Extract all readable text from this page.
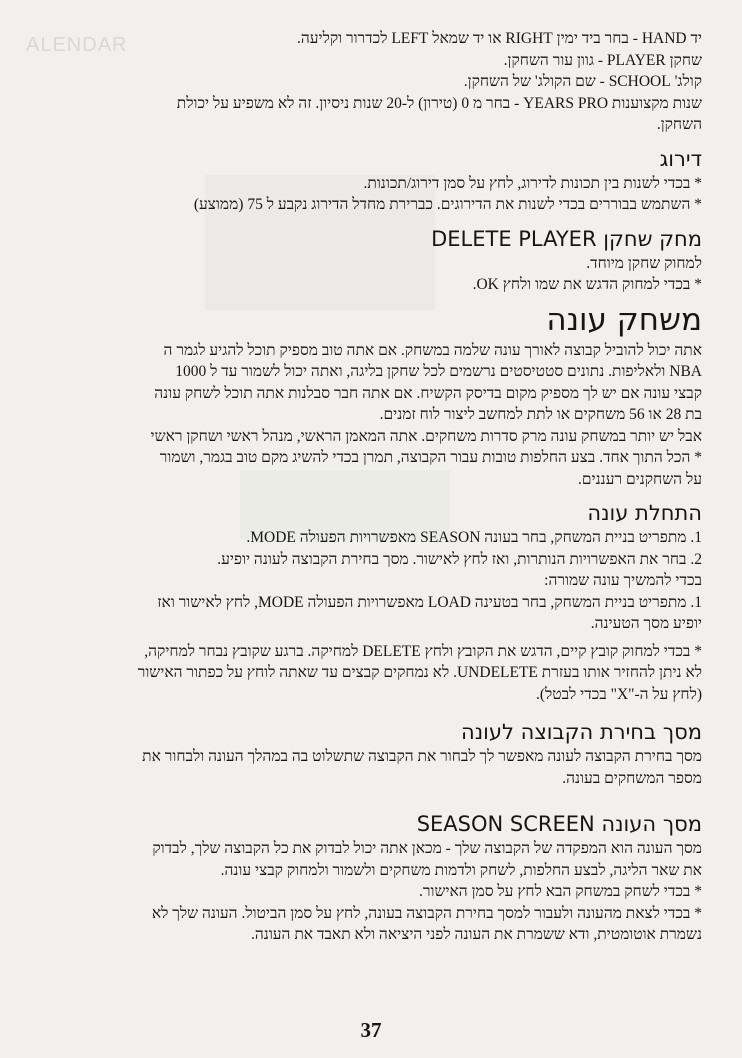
ALENDAR	יד HAND - בחר ביד ימין RIGHT או יד שמאל LEFT לכדרור וקליעה.

שחקן PLAYER - גוון עור השחקן.

קולג' SCHOOL - שם הקולג' של השחקן.

שנות מקצוענות YEARS PRO - בחר מ 0 (טירון) ל-20 שנות ניסיון. זה לא משפיע על יכולת

השחקן.

דירוג

* בכדי לשנות בין תכונות לדירוג, לחץ על סמן דירוג/תכונות.

* השתמש בבוררים בכדי לשנות את הדירוגים. כברירת מחדל הדירוג נקבע ל 75 (ממוצע)

מחק שחקן DELETE PLAYER

למחוק שחקן מיוחד.

* בכדי למחוק הדגש את שמו ולחץ OK.

משחק עונה

אתה יכול להוביל קבוצה לאורך עונה שלמה במשחק. אם אתה טוב מספיק תוכל להגיע לגמר ה

NBA ולאליפות. נתונים סטטיסטים נרשמים לכל שחקן בליגה, ואתה יכול לשמור עד ל 1000

קבצי עונה אם יש לך מספיק מקום בדיסק הקשיח. אם אתה חבר סבלנות אתה תוכל לשחק עונה

בת 28 או 56 משחקים או לתת למחשב ליצור לוח זמנים.

אבל יש יותר במשחק עונה מרק סדרות משחקים. אתה המאמן הראשי, מנהל ראשי ושחקן ראשי

* הכל התוך אחד. בצע החלפות טובות עבור הקבוצה, תמרן בכדי להשיג מקם טוב בגמר, ושמור

על השחקנים רעננים.

התחלת עונה

1. מתפריט בניית המשחק, בחר בעונה SEASON מאפשרויות הפעולה MODE.

2. בחר את האפשרויות הנותרות, ואז לחץ לאישור. מסך בחירת הקבוצה לעונה יופיע.

בכדי להמשיך עונה שמורה:

1. מתפריט בניית המשחק, בחר בטעינה LOAD מאפשרויות הפעולה MODE, לחץ לאישור ואז

יופיע מסך הטעינה.

* בכדי למחוק קובץ קיים, הדגש את הקובץ ולחץ DELETE למחיקה. ברגע שקובץ נבחר למחיקה,

לא ניתן להחזיר אותו בעזרת UNDELETE. לא נמחקים קבצים עד שאתה לוחץ על כפתור האישור

(לחץ על ה-"X" בכדי לבטל).

מסך בחירת הקבוצה לעונה

מסך בחירת הקבוצה לעונה מאפשר לך לבחור את הקבוצה שתשלוט בה במהלך העונה ולבחור את

מספר המשחקים בעונה.

מסך העונה SEASON SCREEN

מסך העונה הוא המפקדה של הקבוצה שלך - מכאן אתה יכול לבדוק את כל הקבוצה שלך, לבדוק

את שאר הליגה, לבצע החלפות, לשחק ולדמות משחקים ולשמור ולמחוק קבצי עונה.

* בכדי לשחק במשחק הבא לחץ על סמן האישור.

* בכדי לצאת מהעונה ולעבור למסך בחירת הקבוצה בעונה, לחץ על סמן הביטול. העונה שלך לא

נשמרת אוטומטית, ודא ששמרת את העונה לפני היציאה ולא תאבד את העונה.

37
